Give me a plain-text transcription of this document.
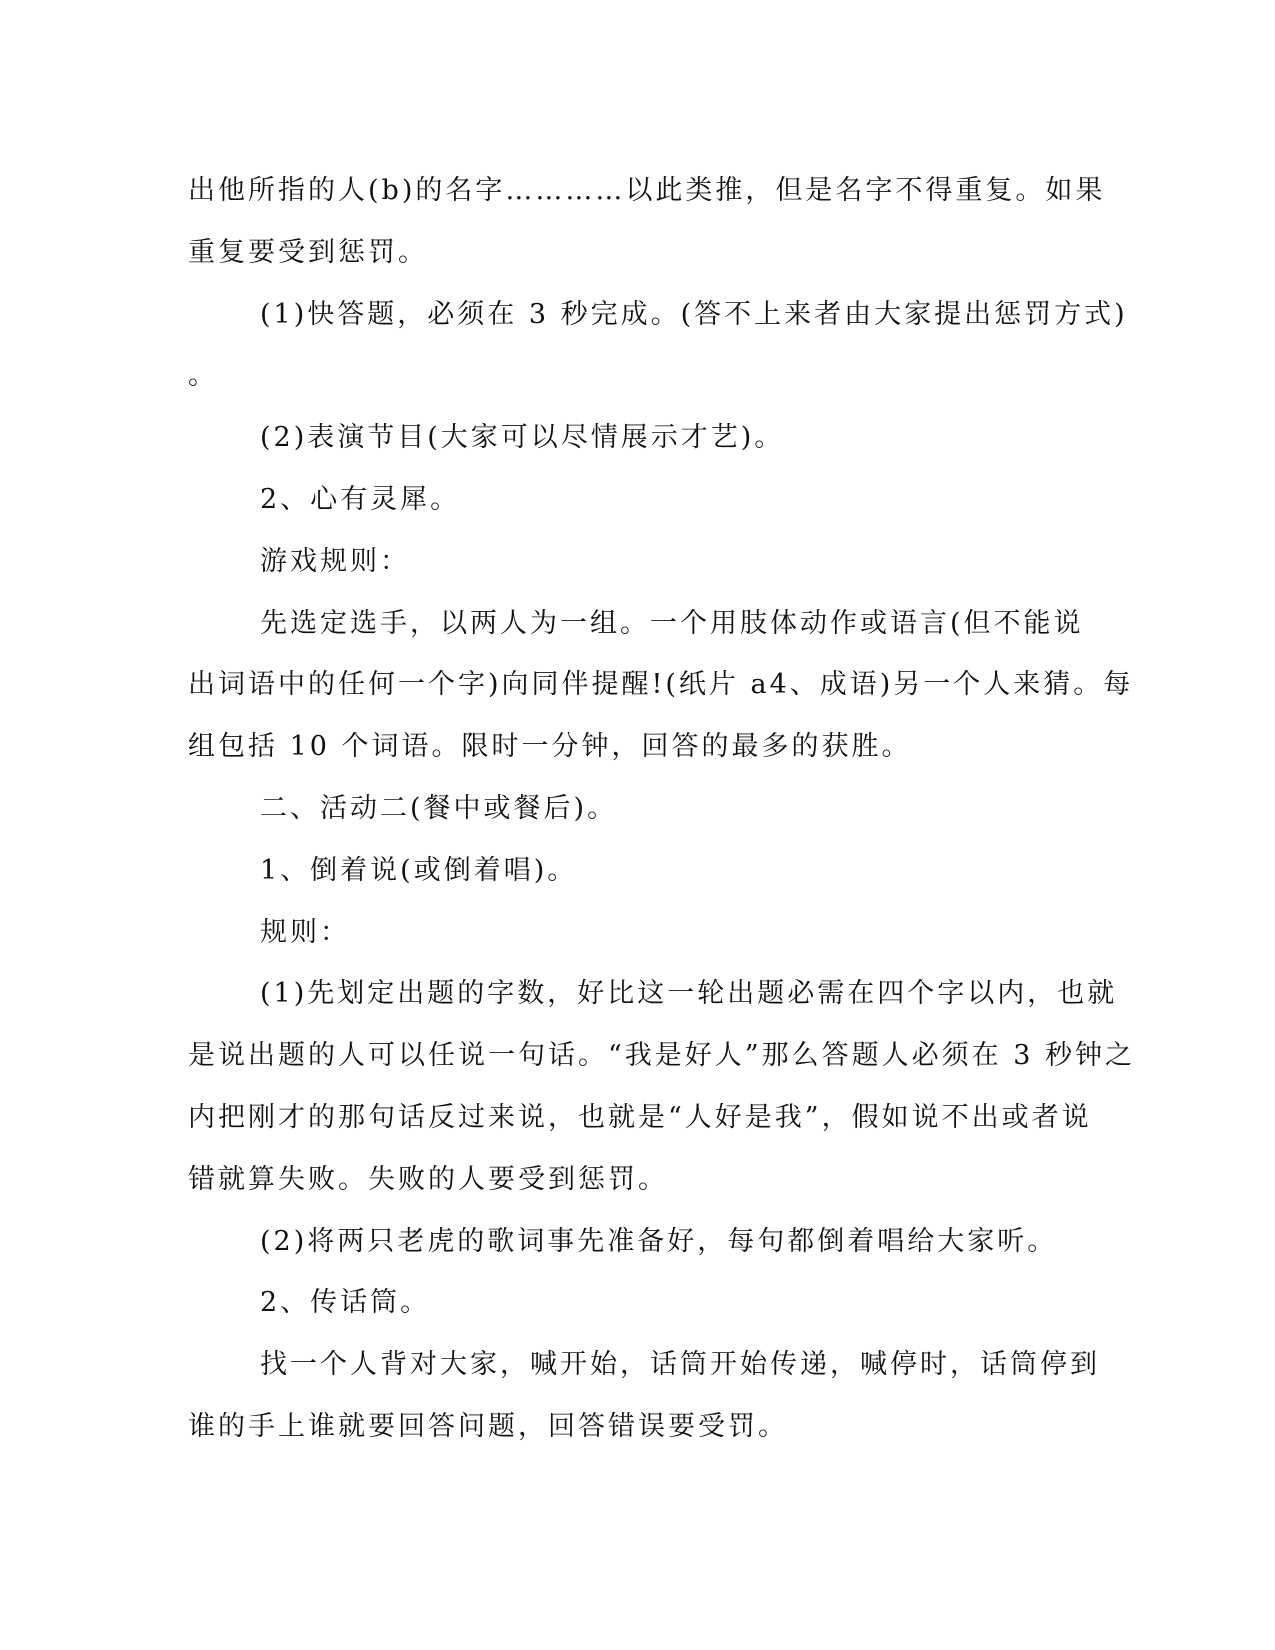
出他所指的人(b)的名字…………以此类推，但是名字不得重复。如果
重复要受到惩罚。
(1)快答题，必须在 3 秒完成。(答不上来者由大家提出惩罚方式)
。
(2)表演节目(大家可以尽情展示才艺)。
2、心有灵犀。
游戏规则：
先选定选手，以两人为一组。一个用肢体动作或语言(但不能说
出词语中的任何一个字)向同伴提醒!(纸片 a4、成语)另一个人来猜。每
组包括 10 个词语。限时一分钟，回答的最多的获胜。
二、活动二(餐中或餐后)。
1、倒着说(或倒着唱)。
规则：
(1)先划定出题的字数，好比这一轮出题必需在四个字以内，也就
是说出题的人可以任说一句话。“我是好人”那么答题人必须在 3 秒钟之
内把刚才的那句话反过来说，也就是“人好是我”，假如说不出或者说
错就算失败。失败的人要受到惩罚。
(2)将两只老虎的歌词事先准备好，每句都倒着唱给大家听。
2、传话筒。
找一个人背对大家，喊开始，话筒开始传递，喊停时，话筒停到
谁的手上谁就要回答问题，回答错误要受罚。
